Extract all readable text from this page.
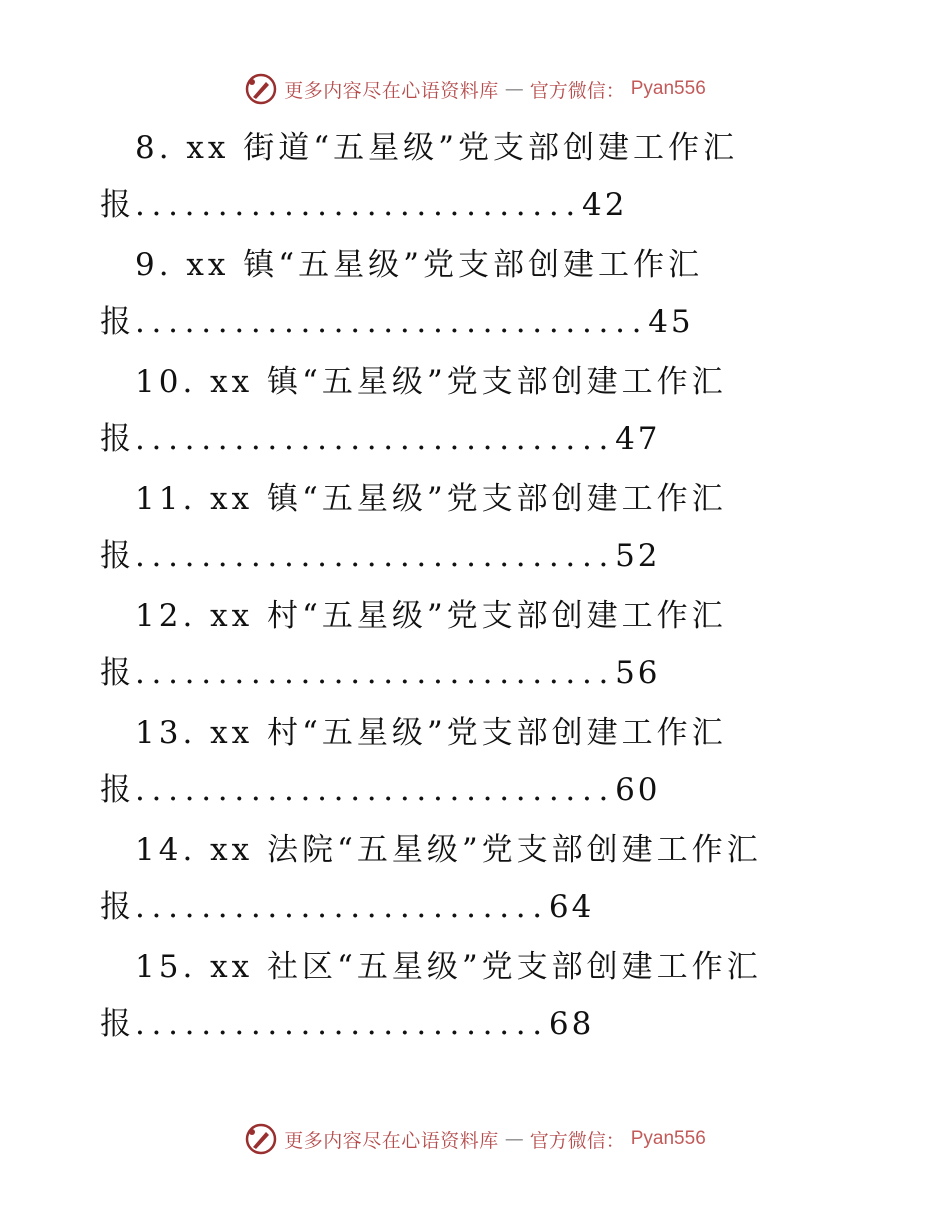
更多内容尽在心语资料库 — 官方微信： Pyan556
8. xx 街道“五星级”党支部创建工作汇
报...........................42
9. xx 镇“五星级”党支部创建工作汇
报...............................45
10. xx 镇“五星级”党支部创建工作汇
报.............................47
11. xx 镇“五星级”党支部创建工作汇
报.............................52
12. xx 村“五星级”党支部创建工作汇
报.............................56
13. xx 村“五星级”党支部创建工作汇
报.............................60
14. xx 法院“五星级”党支部创建工作汇
报.........................64
15. xx 社区“五星级”党支部创建工作汇
报.........................68
更多内容尽在心语资料库 — 官方微信： Pyan556
